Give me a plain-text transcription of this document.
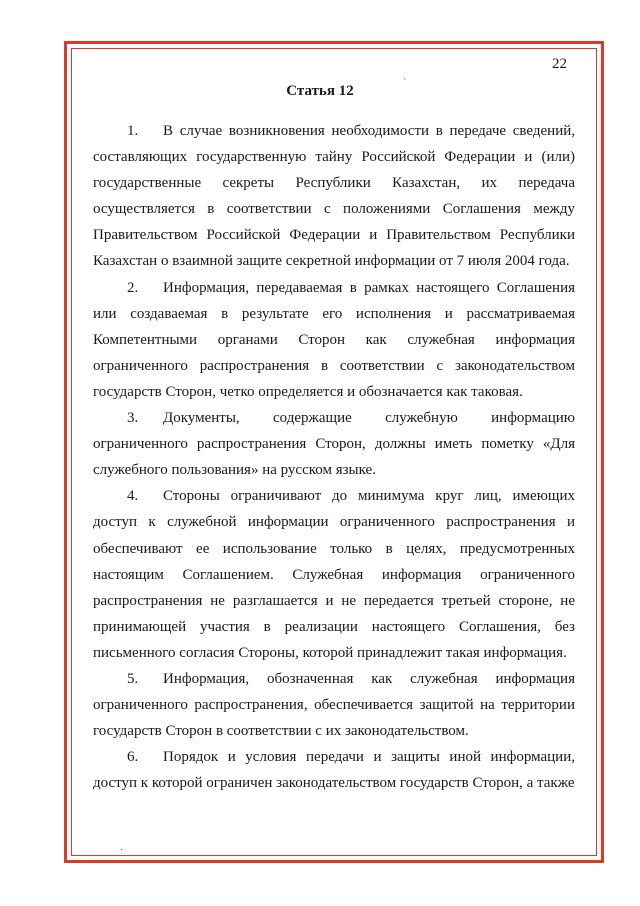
22
Статья 12

1. В случае возникновения необходимости в передаче сведений, составляющих государственную тайну Российской Федерации и (или) государственные секреты Республики Казахстан, их передача осуществляется в соответствии с положениями Соглашения между Правительством Российской Федерации и Правительством Республики Казахстан о взаимной защите секретной информации от 7 июля 2004 года.

2. Информация, передаваемая в рамках настоящего Соглашения или создаваемая в результате его исполнения и рассматриваемая Компетентными органами Сторон как служебная информация ограниченного распространения в соответствии с законодательством государств Сторон, четко определяется и обозначается как таковая.

3. Документы, содержащие служебную информацию ограниченного распространения Сторон, должны иметь пометку «Для служебного пользования» на русском языке.

4. Стороны ограничивают до минимума круг лиц, имеющих доступ к служебной информации ограниченного распространения и обеспечивают ее использование только в целях, предусмотренных настоящим Соглашением. Служебная информация ограниченного распространения не разглашается и не передается третьей стороне, не принимающей участия в реализации настоящего Соглашения, без письменного согласия Стороны, которой принадлежит такая информация.

5. Информация, обозначенная как служебная информация ограниченного распространения, обеспечивается защитой на территории государств Сторон в соответствии с их законодательством.

6. Порядок и условия передачи и защиты иной информации, доступ к которой ограничен законодательством государств Сторон, а также

`
.
